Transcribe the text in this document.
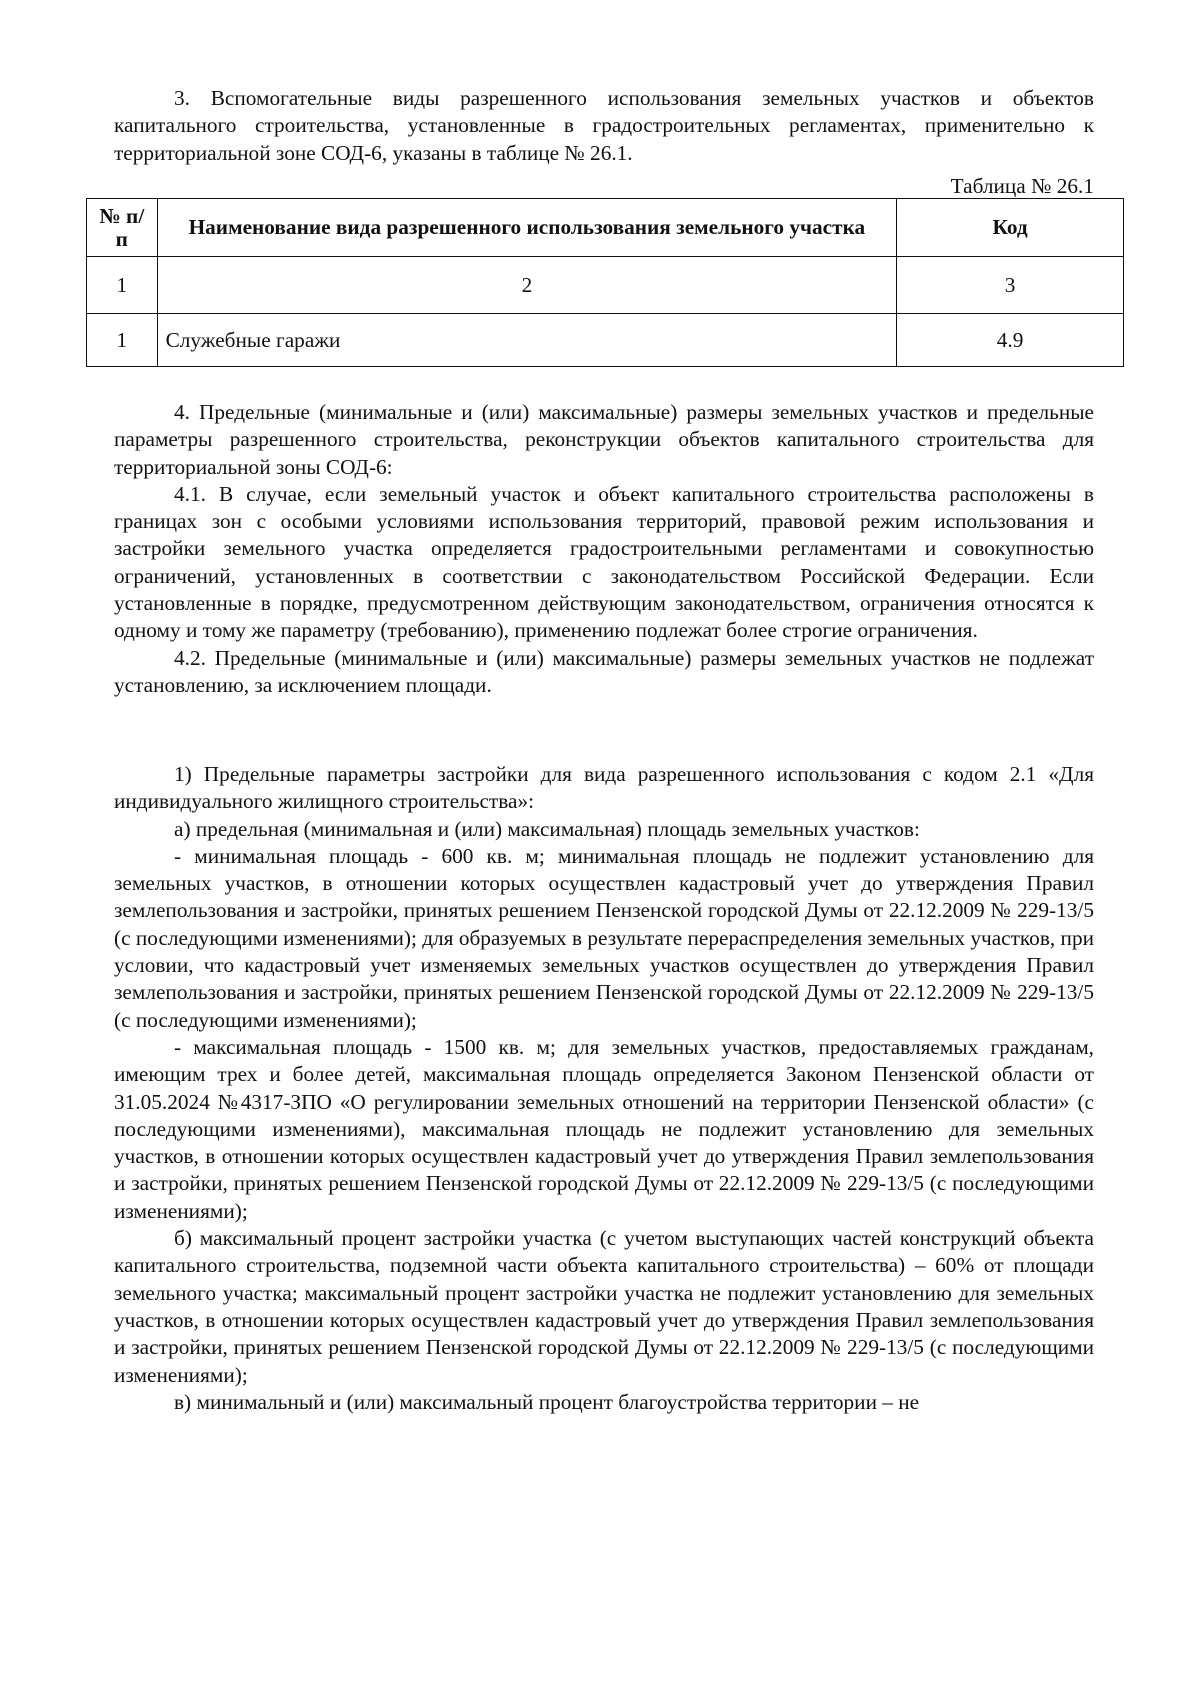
3. Вспомогательные виды разрешенного использования земельных участков и объектов капитального строительства, установленные в градостроительных регламентах, применительно к территориальной зоне СОД-6, указаны в таблице № 26.1.

Таблица № 26.1
№ п/п	Наименование вида разрешенного использования земельного участка	Код
1	2	3
1	Служебные гаражи	4.9

4. Предельные (минимальные и (или) максимальные) размеры земельных участков и предельные параметры разрешенного строительства, реконструкции объектов капитального строительства для территориальной зоны СОД-6:

4.1. В случае, если земельный участок и объект капитального строительства расположены в границах зон с особыми условиями использования территорий, правовой режим использования и застройки земельного участка определяется градостроительными регламентами и совокупностью ограничений, установленных в соответствии с законодательством Российской Федерации. Если установленные в порядке, предусмотренном действующим законодательством, ограничения относятся к одному и тому же параметру (требованию), применению подлежат более строгие ограничения.

4.2. Предельные (минимальные и (или) максимальные) размеры земельных участков не подлежат установлению, за исключением площади.

1) Предельные параметры застройки для вида разрешенного использования с кодом 2.1 «Для индивидуального жилищного строительства»:

а) предельная (минимальная и (или) максимальная) площадь земельных участков:

- минимальная площадь - 600 кв. м; минимальная площадь не подлежит установлению для земельных участков, в отношении которых осуществлен кадастровый учет до утверждения Правил землепользования и застройки, принятых решением Пензенской городской Думы от 22.12.2009 № 229-13/5 (с последующими изменениями); для образуемых в результате перераспределения земельных участков, при условии, что кадастровый учет изменяемых земельных участков осуществлен до утверждения Правил землепользования и застройки, принятых решением Пензенской городской Думы от 22.12.2009 № 229-13/5 (с последующими изменениями);

- максимальная площадь - 1500 кв. м; для земельных участков, предоставляемых гражданам, имеющим трех и более детей, максимальная площадь определяется Законом Пензенской области от 31.05.2024 №4317-ЗПО «О регулировании земельных отношений на территории Пензенской области» (с последующими изменениями), максимальная площадь не подлежит установлению для земельных участков, в отношении которых осуществлен кадастровый учет до утверждения Правил землепользования и застройки, принятых решением Пензенской городской Думы от 22.12.2009 № 229-13/5 (с последующими изменениями);

б) максимальный процент застройки участка (с учетом выступающих частей конструкций объекта капитального строительства, подземной части объекта капитального строительства) – 60% от площади земельного участка; максимальный процент застройки участка не подлежит установлению для земельных участков, в отношении которых осуществлен кадастровый учет до утверждения Правил землепользования и застройки, принятых решением Пензенской городской Думы от 22.12.2009 № 229-13/5 (с последующими изменениями);

в) минимальный и (или) максимальный процент благоустройства территории – не
